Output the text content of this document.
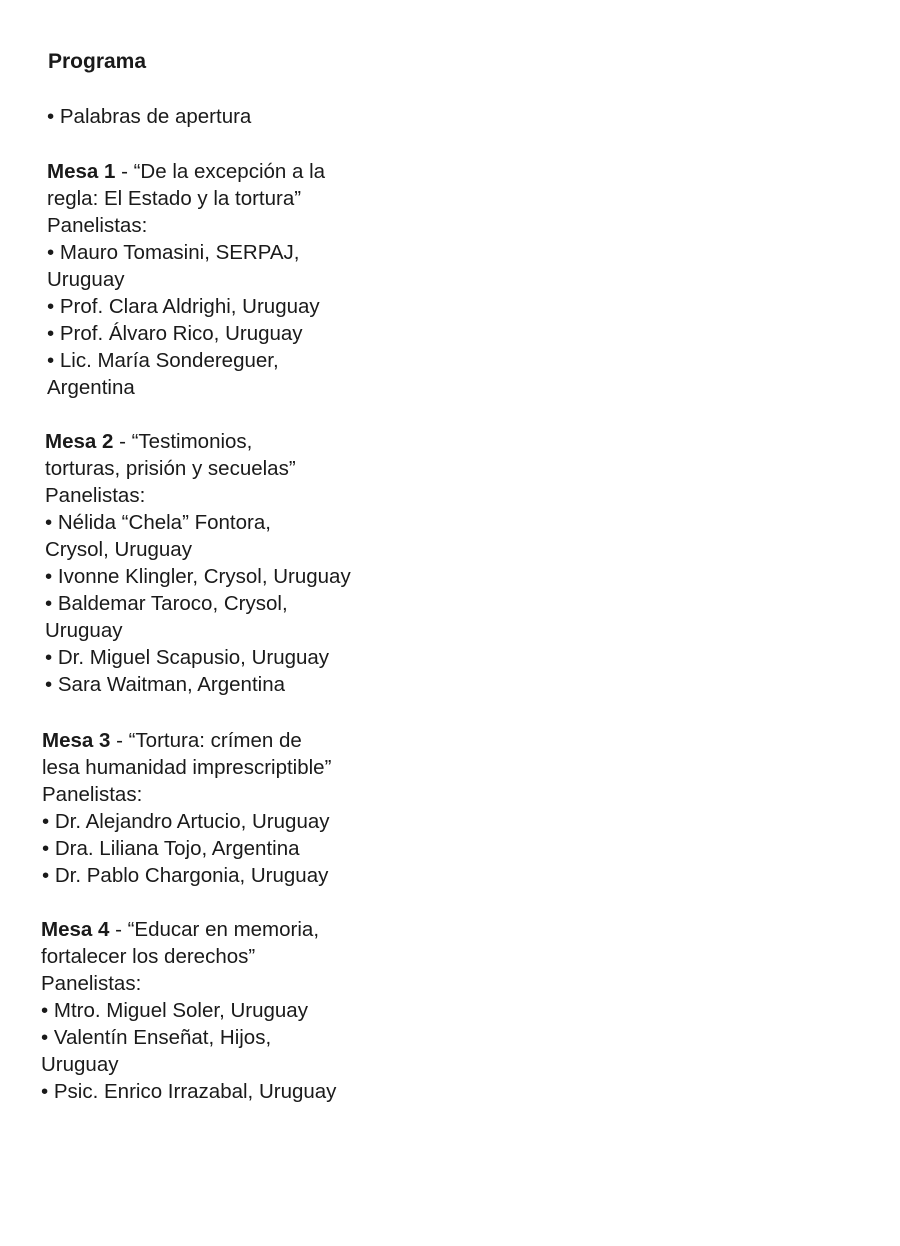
Programa
• Palabras de apertura
Mesa 1 - “De la excepción a la
regla: El Estado y la tortura”
Panelistas:
• Mauro Tomasini, SERPAJ,
Uruguay
• Prof. Clara Aldrighi, Uruguay
• Prof. Álvaro Rico, Uruguay
• Lic. María Sondereguer,
Argentina
Mesa 2 - “Testimonios,
torturas, prisión y secuelas”
Panelistas:
• Nélida “Chela” Fontora,
Crysol, Uruguay
• Ivonne Klingler, Crysol, Uruguay
• Baldemar Taroco, Crysol,
Uruguay
• Dr. Miguel Scapusio, Uruguay
• Sara Waitman, Argentina
Mesa 3 - “Tortura: crímen de
lesa humanidad imprescriptible”
Panelistas:
• Dr. Alejandro Artucio, Uruguay
• Dra. Liliana Tojo, Argentina
• Dr. Pablo Chargonia, Uruguay
Mesa 4 - “Educar en memoria,
fortalecer los derechos”
Panelistas:
• Mtro. Miguel Soler, Uruguay
• Valentín Enseñat, Hijos,
Uruguay
• Psic. Enrico Irrazabal, Uruguay
